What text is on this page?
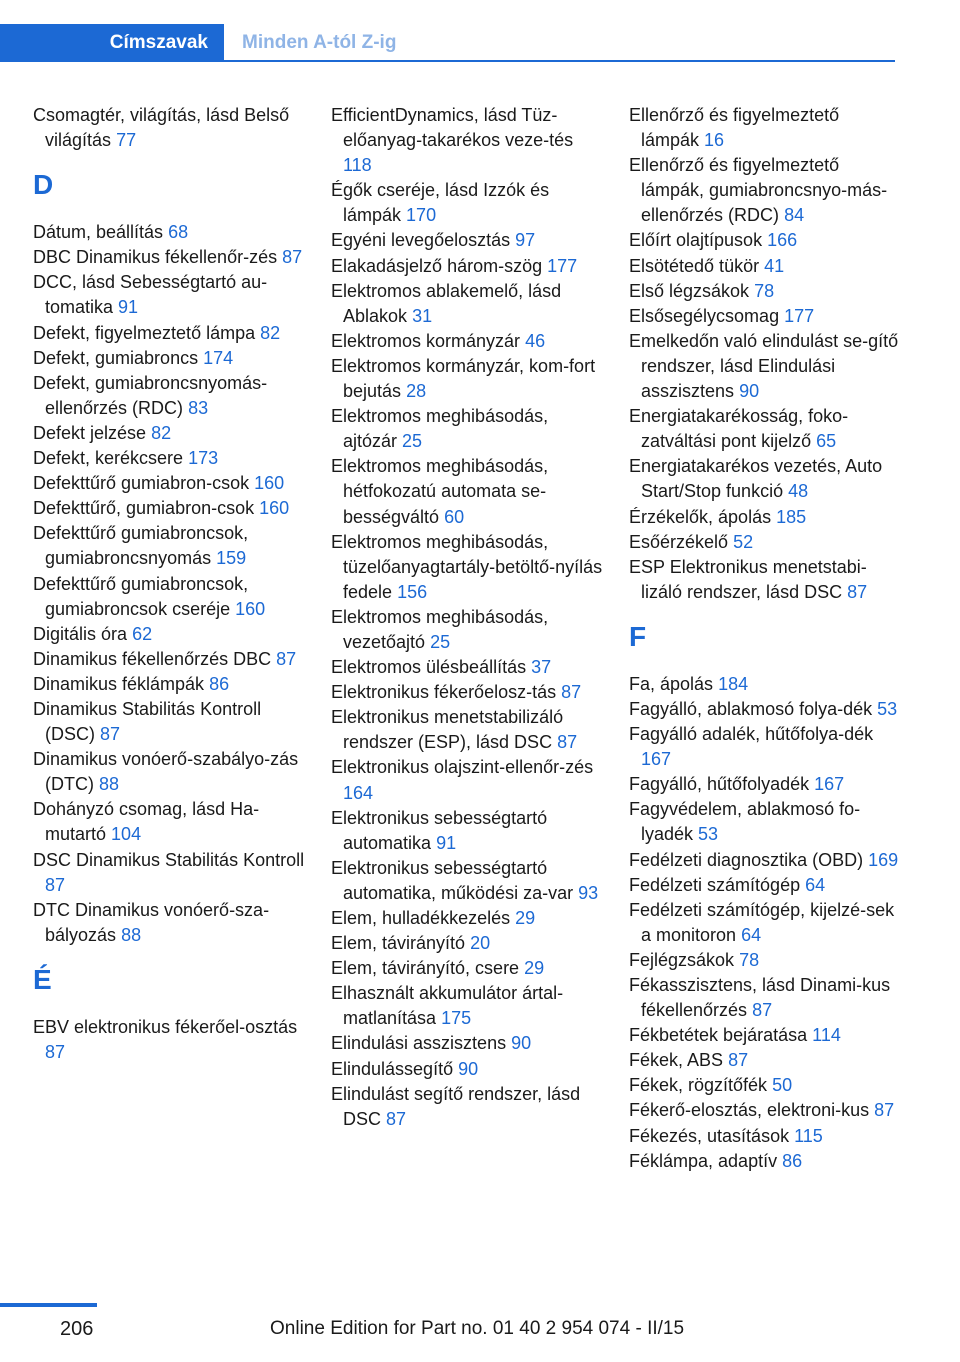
Címszavak	Minden A-tól Z-ig
Csomagtér, világítás, lásd Belső világítás 77
D
Dátum, beállítás 68
DBC Dinamikus fékellenőr‐zés 87
DCC, lásd Sebességtartó au‐tomatika 91
Defekt, figyelmeztető lámpa 82
Defekt, gumiabroncs 174
Defekt, gumiabroncsnyomás-ellenőrzés (RDC) 83
Defekt jelzése 82
Defekt, kerékcsere 173
Defekttűrő gumiabron‐csok 160
Defekttűrő, gumiabron‐csok 160
Defekttűrő gumiabroncsok, gumiabroncsnyomás 159
Defekttűrő gumiabroncsok, gumiabroncsok cseréje 160
Digitális óra 62
Dinamikus fékellenőrzés DBC 87
Dinamikus féklámpák 86
Dinamikus Stabilitás Kontroll (DSC) 87
Dinamikus vonóerő-szabályo‐zás (DTC) 88
Dohányzó csomag, lásd Ha‐mutartó 104
DSC Dinamikus Stabilitás Kontroll 87
DTC Dinamikus vonóerő-sza‐bályozás 88
É
EBV elektronikus fékerőel‐osztás 87
EfficientDynamics, lásd Tüz‐előanyag-takarékos veze‐tés 118
Égők cseréje, lásd Izzók és lámpák 170
Egyéni levegőelosztás 97
Elakadásjelző három‐szög 177
Elektromos ablakemelő, lásd Ablakok 31
Elektromos kormányzár 46
Elektromos kormányzár, kom‐fort bejutás 28
Elektromos meghibásodás, ajtózár 25
Elektromos meghibásodás, hétfokozatú automata se‐bességváltó 60
Elektromos meghibásodás, tüzelőanyagtartály-betöltő‐nyílás fedele 156
Elektromos meghibásodás, vezetőajtó 25
Elektromos ülésbeállítás 37
Elektronikus fékerőelosz‐tás 87
Elektronikus menetstabilizáló rendszer (ESP), lásd DSC 87
Elektronikus olajszint-ellenőr‐zés 164
Elektronikus sebességtartó automatika 91
Elektronikus sebességtartó automatika, működési za‐var 93
Elem, hulladékkezelés 29
Elem, távirányító 20
Elem, távirányító, csere 29
Elhasznált akkumulátor ártal‐matlanítása 175
Elindulási asszisztens 90
Elindulássegítő 90
Elindulást segítő rendszer, lásd DSC 87
Ellenőrző és figyelmeztető lámpák 16
Ellenőrző és figyelmeztető lámpák, gumiabroncsnyo‐más-ellenőrzés (RDC) 84
Előírt olajtípusok 166
Elsötétedő tükör 41
Első légzsákok 78
Elsősegélycsomag 177
Emelkedőn való elindulást se‐gítő rendszer, lásd Elindulási asszisztens 90
Energiatakarékosság, foko‐zatváltási pont kijelző 65
Energiatakarékos vezetés, Auto Start/Stop funkció 48
Érzékelők, ápolás 185
Esőérzékelő 52
ESP Elektronikus menetstabi‐lizáló rendszer, lásd DSC 87
F
Fa, ápolás 184
Fagyálló, ablakmosó folya‐dék 53
Fagyálló adalék, hűtőfolya‐dék 167
Fagyálló, hűtőfolyadék 167
Fagyvédelem, ablakmosó fo‐lyadék 53
Fedélzeti diagnosztika (OBD) 169
Fedélzeti számítógép 64
Fedélzeti számítógép, kijelzé‐sek a monitoron 64
Fejlégzsákok 78
Fékasszisztens, lásd Dinami‐kus fékellenőrzés 87
Fékbetétek bejáratása 114
Fékek, ABS 87
Fékek, rögzítőfék 50
Fékerő-elosztás, elektroni‐kus 87
Fékezés, utasítások 115
Féklámpa, adaptív 86
206	Online Edition for Part no. 01 40 2 954 074 - II/15
